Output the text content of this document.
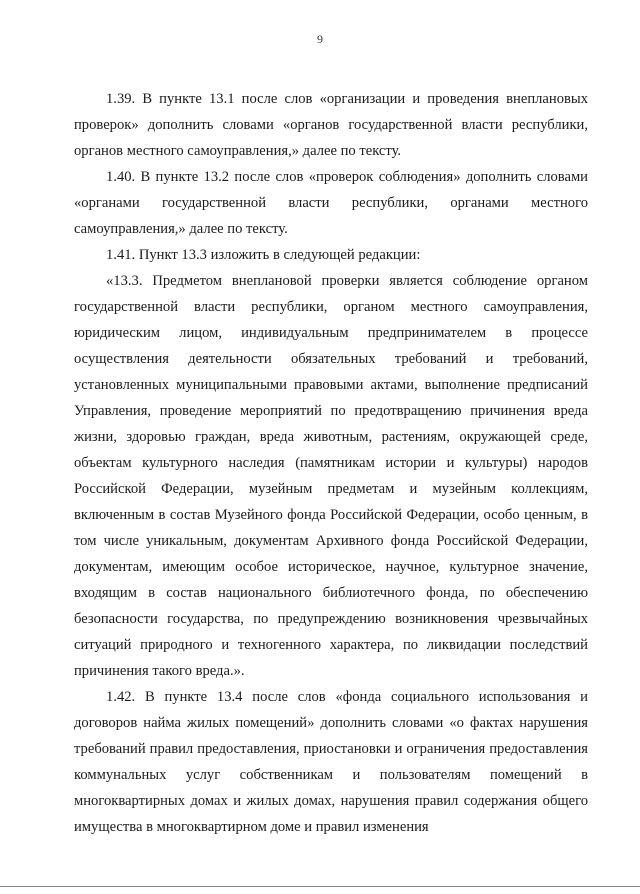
9

1.39. В пункте 13.1 после слов «организации и проведения внеплановых проверок» дополнить словами «органов государственной власти республики, органов местного самоуправления,» далее по тексту.

1.40. В пункте 13.2 после слов «проверок соблюдения» дополнить словами «органами государственной власти республики, органами местного самоуправления,» далее по тексту.

1.41. Пункт 13.3 изложить в следующей редакции:

«13.3. Предметом внеплановой проверки является соблюдение органом государственной власти республики, органом местного самоуправления, юридическим лицом, индивидуальным предпринимателем в процессе осуществления деятельности обязательных требований и требований, установленных муниципальными правовыми актами, выполнение предписаний Управления, проведение мероприятий по предотвращению причинения вреда жизни, здоровью граждан, вреда животным, растениям, окружающей среде, объектам культурного наследия (памятникам истории и культуры) народов Российской Федерации, музейным предметам и музейным коллекциям, включенным в состав Музейного фонда Российской Федерации, особо ценным, в том числе уникальным, документам Архивного фонда Российской Федерации, документам, имеющим особое историческое, научное, культурное значение, входящим в состав национального библиотечного фонда, по обеспечению безопасности государства, по предупреждению возникновения чрезвычайных ситуаций природного и техногенного характера, по ликвидации последствий причинения такого вреда.».

1.42. В пункте 13.4 после слов «фонда социального использования и договоров найма жилых помещений» дополнить словами «о фактах нарушения требований правил предоставления, приостановки и ограничения предоставления коммунальных услуг собственникам и пользователям помещений в многоквартирных домах и жилых домах, нарушения правил содержания общего имущества в многоквартирном доме и правил изменения
